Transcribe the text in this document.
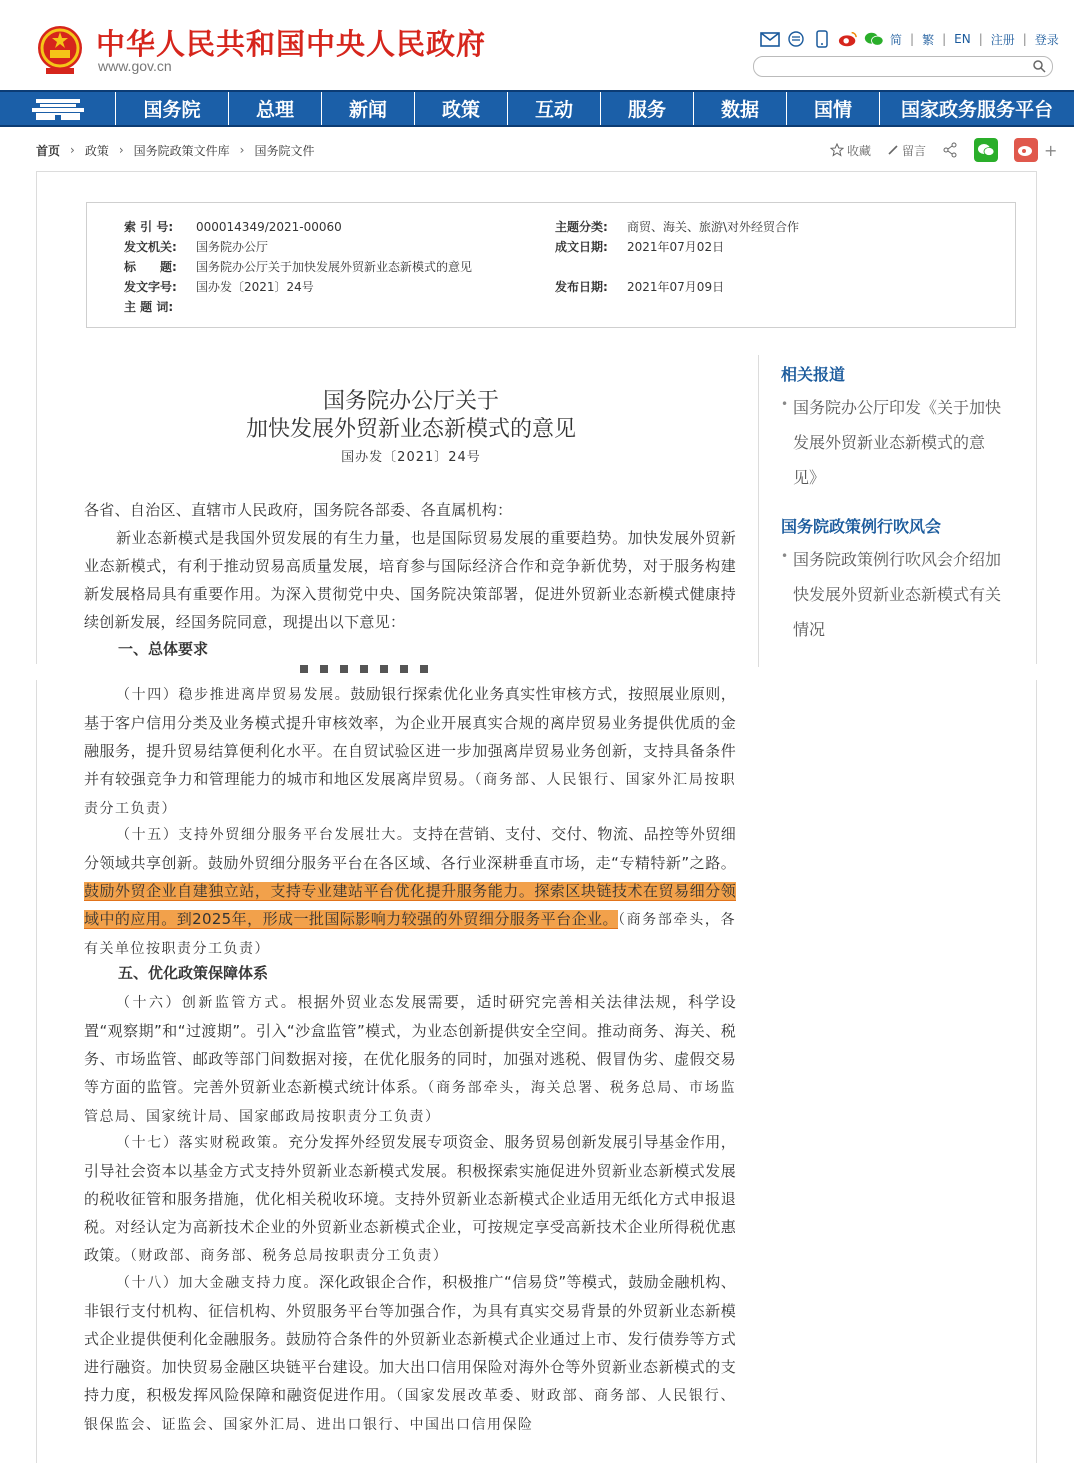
中华人民共和国中央人民政府
www.gov.cn
简 | 繁 | EN | 注册 | 登录
国务院	总理	新闻	政策	互动	服务	数据	国情	国家政务服务平台
首页 › 政策 › 国务院政策文件库 › 国务院文件	收藏	留言	+
索 引 号: 000014349/2021-00060	主题分类: 商贸、海关、旅游\对外经贸合作
发文机关: 国务院办公厅	成文日期: 2021年07月02日
标　　题: 国务院办公厅关于加快发展外贸新业态新模式的意见
发文字号: 国办发〔2021〕24号	发布日期: 2021年07月09日
主 题 词:
国务院办公厅关于
加快发展外贸新业态新模式的意见
国办发〔2021〕24号
各省、自治区、直辖市人民政府，国务院各部委、各直属机构：
新业态新模式是我国外贸发展的有生力量，也是国际贸易发展的重要趋势。加快发展外贸新业态新模式，有利于推动贸易高质量发展，培育参与国际经济合作和竞争新优势，对于服务构建新发展格局具有重要作用。为深入贯彻党中央、国务院决策部署，促进外贸新业态新模式健康持续创新发展，经国务院同意，现提出以下意见：
一、总体要求
（十四）稳步推进离岸贸易发展。鼓励银行探索优化业务真实性审核方式，按照展业原则，基于客户信用分类及业务模式提升审核效率，为企业开展真实合规的离岸贸易业务提供优质的金融服务，提升贸易结算便利化水平。在自贸试验区进一步加强离岸贸易业务创新，支持具备条件并有较强竞争力和管理能力的城市和地区发展离岸贸易。（商务部、人民银行、国家外汇局按职责分工负责）
（十五）支持外贸细分服务平台发展壮大。支持在营销、支付、交付、物流、品控等外贸细分领域共享创新。鼓励外贸细分服务平台在各区域、各行业深耕垂直市场，走“专精特新”之路。鼓励外贸企业自建独立站，支持专业建站平台优化提升服务能力。探索区块链技术在贸易细分领域中的应用。到2025年，形成一批国际影响力较强的外贸细分服务平台企业。（商务部牵头，各有关单位按职责分工负责）
五、优化政策保障体系
（十六）创新监管方式。根据外贸业态发展需要，适时研究完善相关法律法规，科学设置“观察期”和“过渡期”。引入“沙盒监管”模式，为业态创新提供安全空间。推动商务、海关、税务、市场监管、邮政等部门间数据对接，在优化服务的同时，加强对逃税、假冒伪劣、虚假交易等方面的监管。完善外贸新业态新模式统计体系。（商务部牵头，海关总署、税务总局、市场监管总局、国家统计局、国家邮政局按职责分工负责）
（十七）落实财税政策。充分发挥外经贸发展专项资金、服务贸易创新发展引导基金作用，引导社会资本以基金方式支持外贸新业态新模式发展。积极探索实施促进外贸新业态新模式发展的税收征管和服务措施，优化相关税收环境。支持外贸新业态新模式企业适用无纸化方式申报退税。对经认定为高新技术企业的外贸新业态新模式企业，可按规定享受高新技术企业所得税优惠政策。（财政部、商务部、税务总局按职责分工负责）
（十八）加大金融支持力度。深化政银企合作，积极推广“信易贷”等模式，鼓励金融机构、非银行支付机构、征信机构、外贸服务平台等加强合作，为具有真实交易背景的外贸新业态新模式企业提供便利化金融服务。鼓励符合条件的外贸新业态新模式企业通过上市、发行债券等方式进行融资。加快贸易金融区块链平台建设。加大出口信用保险对海外仓等外贸新业态新模式的支持力度，积极发挥风险保障和融资促进作用。（国家发展改革委、财政部、商务部、人民银行、银保监会、证监会、国家外汇局、进出口银行、中国出口信用保险
相关报道
• 国务院办公厅印发《关于加快发展外贸新业态新模式的意见》
国务院政策例行吹风会
• 国务院政策例行吹风会介绍加快发展外贸新业态新模式有关情况
